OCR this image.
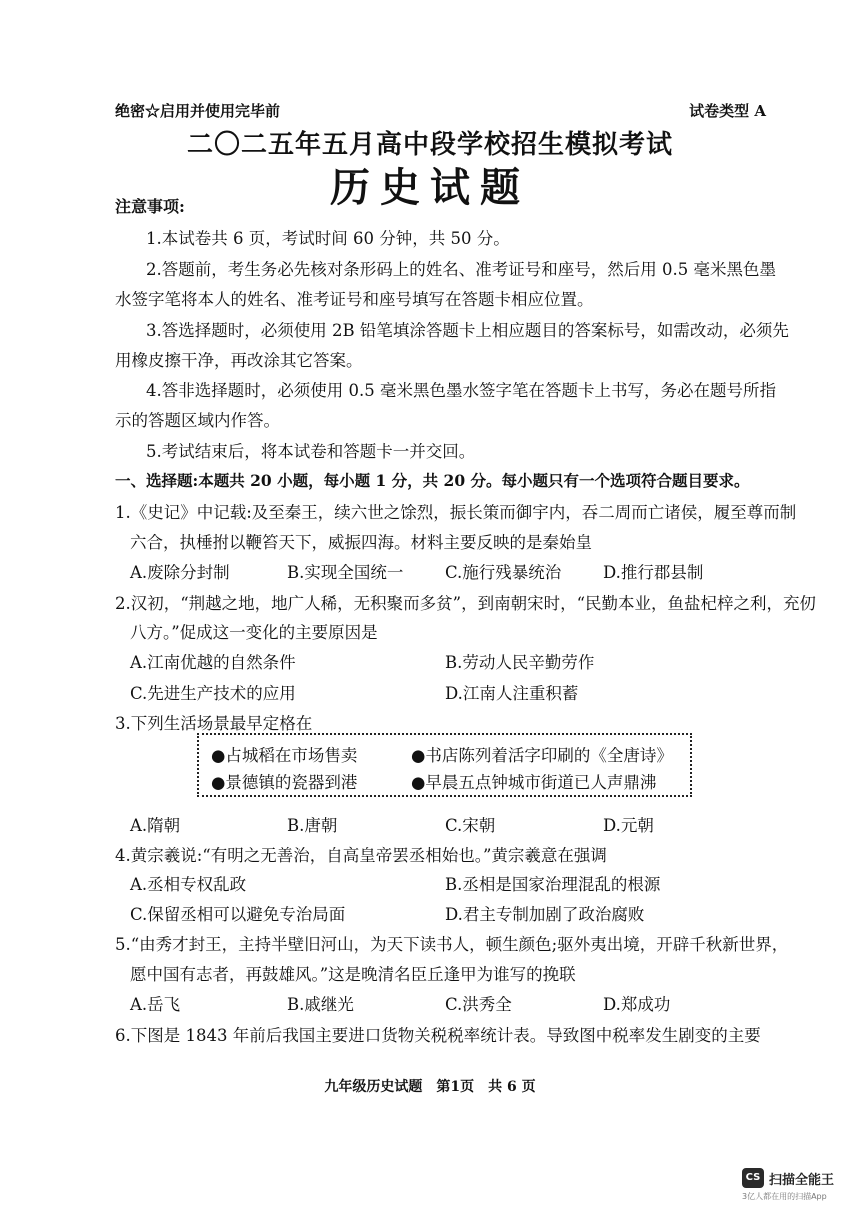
绝密☆启用并使用完毕前	试卷类型 A
二〇二五年五月高中段学校招生模拟考试
历史试题
注意事项:
1.本试卷共 6 页，考试时间 60 分钟，共 50 分。
2.答题前，考生务必先核对条形码上的姓名、准考证号和座号，然后用 0.5 毫米黑色墨
水签字笔将本人的姓名、准考证号和座号填写在答题卡相应位置。
3.答选择题时，必须使用 2B 铅笔填涂答题卡上相应题目的答案标号，如需改动，必须先
用橡皮擦干净，再改涂其它答案。
4.答非选择题时，必须使用 0.5 毫米黑色墨水签字笔在答题卡上书写，务必在题号所指
示的答题区域内作答。
5.考试结束后，将本试卷和答题卡一并交回。
一、选择题:本题共 20 小题，每小题 1 分，共 20 分。每小题只有一个选项符合题目要求。
1.《史记》中记载:及至秦王，续六世之馀烈，振长策而御宇内，吞二周而亡诸侯，履至尊而制
六合，执棰拊以鞭笞天下，威振四海。材料主要反映的是秦始皇
A.废除分封制	B.实现全国统一	C.施行残暴统治	D.推行郡县制
2.汉初，“荆越之地，地广人稀，无积聚而多贫”，到南朝宋时，“民勤本业，鱼盐杞梓之利，充仞
八方。”促成这一变化的主要原因是
A.江南优越的自然条件	B.劳动人民辛勤劳作
C.先进生产技术的应用	D.江南人注重积蓄
3.下列生活场景最早定格在
●占城稻在市场售卖	●书店陈列着活字印刷的《全唐诗》
●景德镇的瓷器到港	●早晨五点钟城市街道已人声鼎沸
A.隋朝	B.唐朝	C.宋朝	D.元朝
4.黄宗羲说:“有明之无善治，自高皇帝罢丞相始也。”黄宗羲意在强调
A.丞相专权乱政	B.丞相是国家治理混乱的根源
C.保留丞相可以避免专治局面	D.君主专制加剧了政治腐败
5.“由秀才封王，主持半壁旧河山，为天下读书人，顿生颜色;驱外夷出境，开辟千秋新世界，
愿中国有志者，再鼓雄风。”这是晚清名臣丘逢甲为谁写的挽联
A.岳飞	B.戚继光	C.洪秀全	D.郑成功
6.下图是 1843 年前后我国主要进口货物关税税率统计表。导致图中税率发生剧变的主要
九年级历史试题　第1页　共 6 页
CS 扫描全能王
3亿人都在用的扫描App
